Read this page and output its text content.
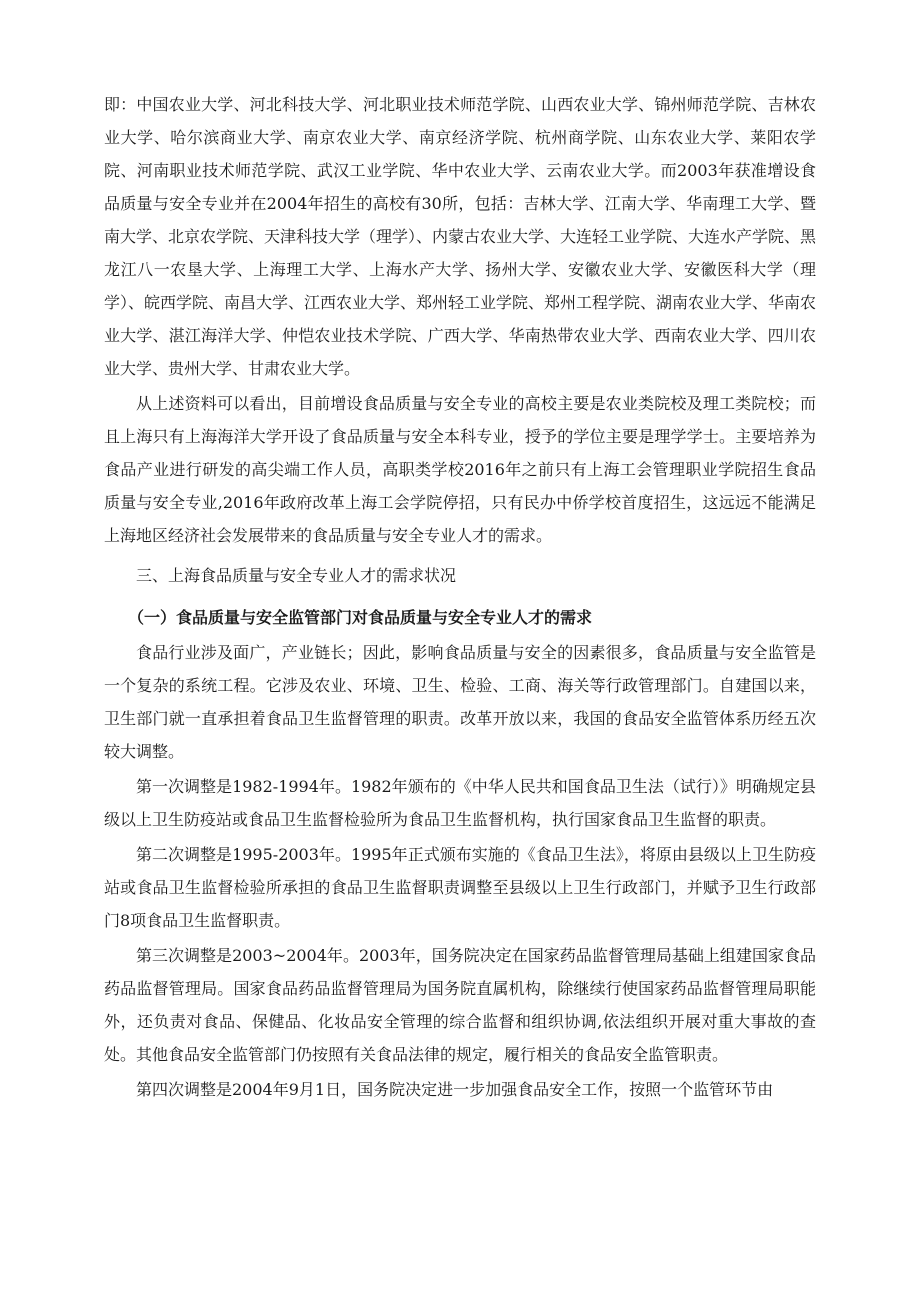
即：中国农业大学、河北科技大学、河北职业技术师范学院、山西农业大学、锦州师范学院、吉林农业大学、哈尔滨商业大学、南京农业大学、南京经济学院、杭州商学院、山东农业大学、莱阳农学院、河南职业技术师范学院、武汉工业学院、华中农业大学、云南农业大学。而2003年获准增设食品质量与安全专业并在2004年招生的高校有30所，包括：吉林大学、江南大学、华南理工大学、暨南大学、北京农学院、天津科技大学（理学）、内蒙古农业大学、大连轻工业学院、大连水产学院、黑龙江八一农垦大学、上海理工大学、上海水产大学、扬州大学、安徽农业大学、安徽医科大学（理学）、皖西学院、南昌大学、江西农业大学、郑州轻工业学院、郑州工程学院、湖南农业大学、华南农业大学、湛江海洋大学、仲恺农业技术学院、广西大学、华南热带农业大学、西南农业大学、四川农业大学、贵州大学、甘肃农业大学。

从上述资料可以看出，目前增设食品质量与安全专业的高校主要是农业类院校及理工类院校；而且上海只有上海海洋大学开设了食品质量与安全本科专业，授予的学位主要是理学学士。主要培养为食品产业进行研发的高尖端工作人员，高职类学校2016年之前只有上海工会管理职业学院招生食品质量与安全专业,2016年政府改革上海工会学院停招，只有民办中侨学校首度招生，这远远不能满足上海地区经济社会发展带来的食品质量与安全专业人才的需求。

三、上海食品质量与安全专业人才的需求状况

（一）食品质量与安全监管部门对食品质量与安全专业人才的需求

食品行业涉及面广，产业链长；因此，影响食品质量与安全的因素很多，食品质量与安全监管是一个复杂的系统工程。它涉及农业、环境、卫生、检验、工商、海关等行政管理部门。自建国以来，卫生部门就一直承担着食品卫生监督管理的职责。改革开放以来，我国的食品安全监管体系历经五次较大调整。

第一次调整是1982-1994年。1982年颁布的《中华人民共和国食品卫生法（试行）》明确规定县级以上卫生防疫站或食品卫生监督检验所为食品卫生监督机构，执行国家食品卫生监督的职责。

第二次调整是1995-2003年。1995年正式颁布实施的《食品卫生法》，将原由县级以上卫生防疫站或食品卫生监督检验所承担的食品卫生监督职责调整至县级以上卫生行政部门，并赋予卫生行政部门8项食品卫生监督职责。

第三次调整是2003~2004年。2003年，国务院决定在国家药品监督管理局基础上组建国家食品药品监督管理局。国家食品药品监督管理局为国务院直属机构，除继续行使国家药品监督管理局职能外，还负责对食品、保健品、化妆品安全管理的综合监督和组织协调,依法组织开展对重大事故的查处。其他食品安全监管部门仍按照有关食品法律的规定，履行相关的食品安全监管职责。

第四次调整是2004年9月1日，国务院决定进一步加强食品安全工作，按照一个监管环节由
